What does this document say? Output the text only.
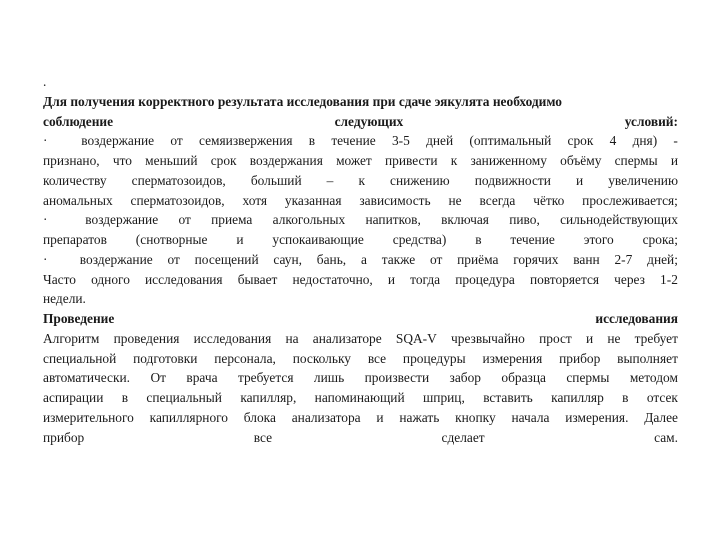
.
Для получения корректного результата исследования при сдаче эякулята необходимо
соблюдение	следующих	условий:
·	воздержание от семяизвержения в течение 3-5 дней (оптимальный срок 4 дня) -
признано, что меньший срок воздержания может привести к заниженному объёму спермы и
количеству сперматозоидов, больший – к снижению подвижности и увеличению
аномальных сперматозоидов, хотя указанная зависимость не всегда чётко прослеживается;
·	воздержание от приема алкогольных напитков, включая пиво, сильнодействующих
препаратов (снотворные и успокаивающие средства) в течение этого срока;
·	воздержание от посещений саун, бань, а также от приёма горячих ванн 2-7 дней;
Часто одного исследования бывает недостаточно, и тогда процедура повторяется через 1-2
недели.
Проведение	исследования
Алгоритм проведения исследования на анализаторе SQA-V чрезвычайно прост и не требует
специальной подготовки персонала, поскольку все процедуры измерения прибор выполняет
автоматически. От врача требуется лишь произвести забор образца спермы методом
аспирации в специальный капилляр, напоминающий шприц, вставить капилляр в отсек
измерительного капиллярного блока анализатора и нажать кнопку начала измерения. Далее
прибор	все	сделает	сам.
